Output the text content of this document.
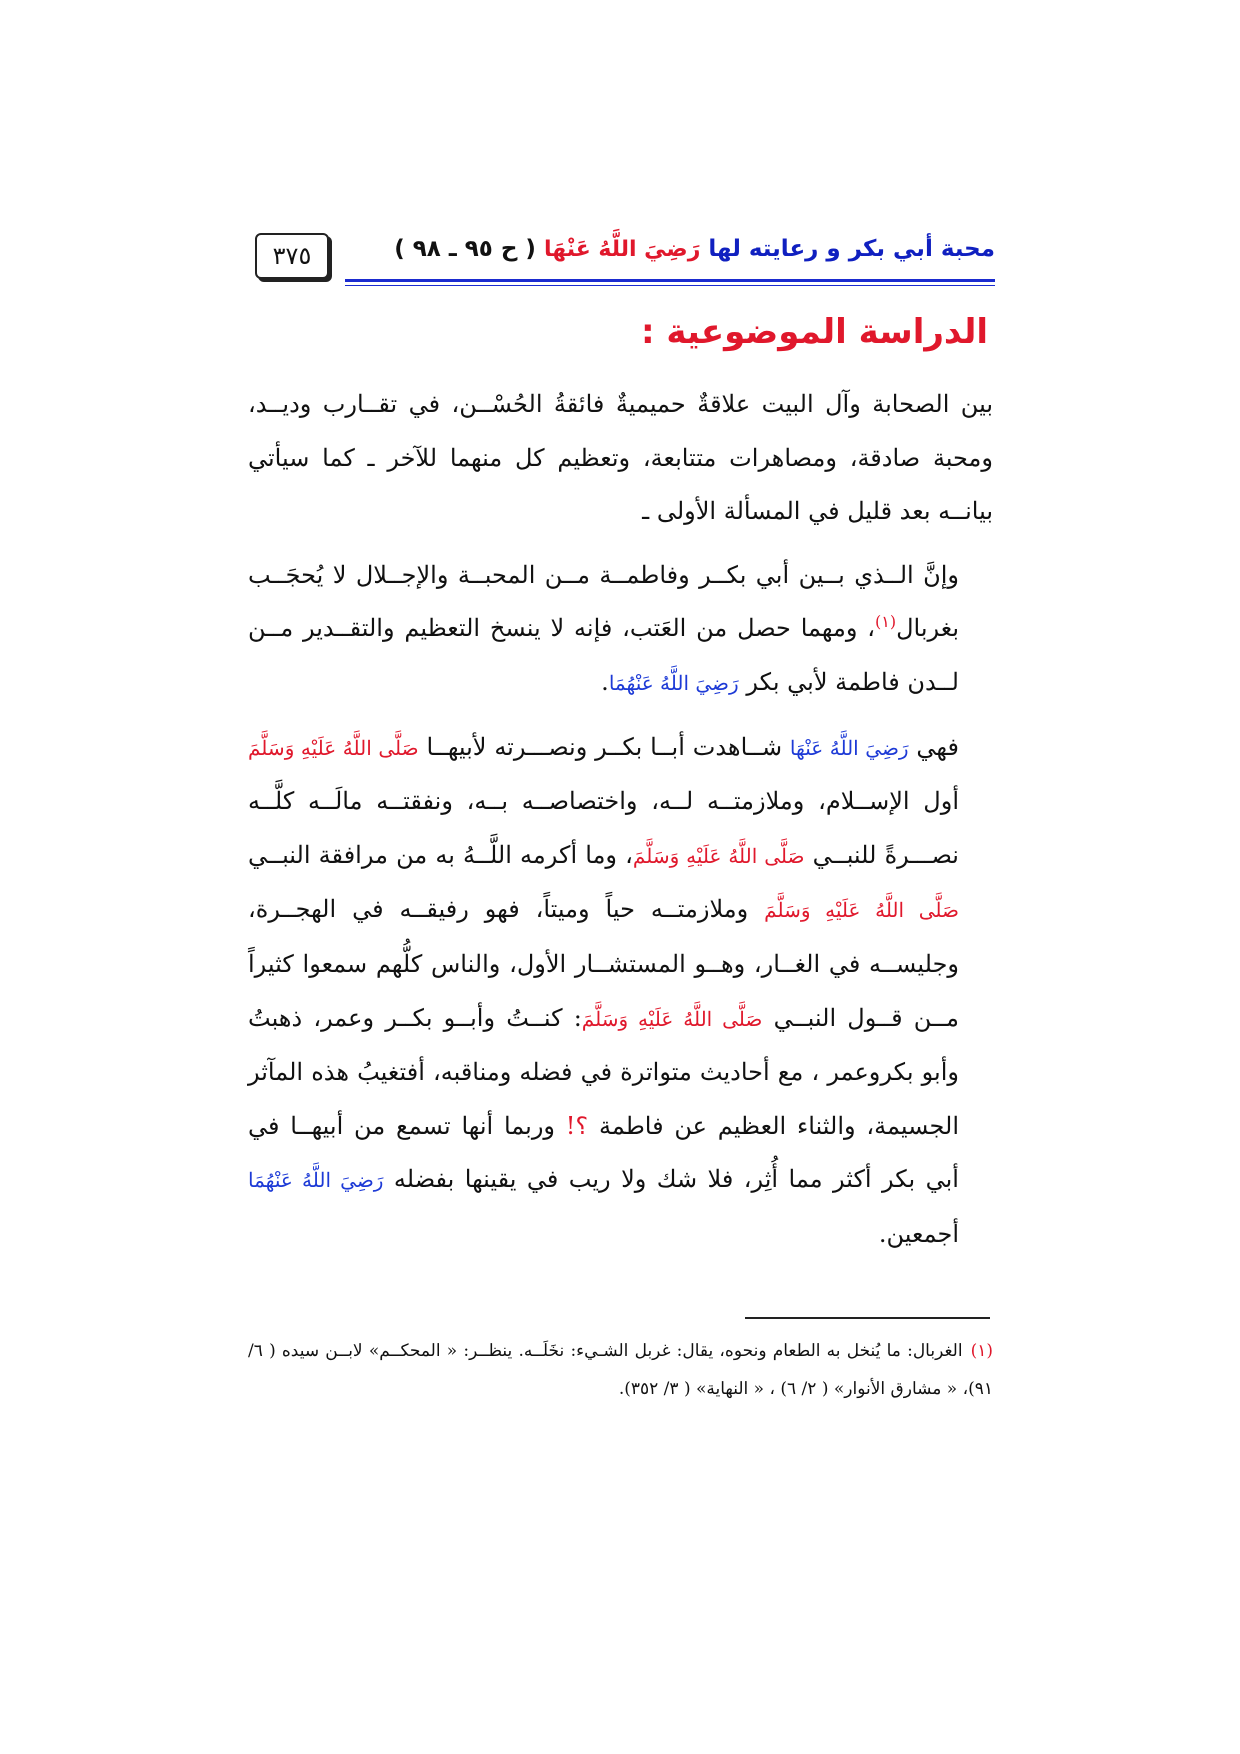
٣٧٥	محبة أبي بكر و رعايته لها رَضِيَ اللَّهُ عَنْهَا ( ح ٩٥ ـ ٩٨ )
الدراسة الموضوعية :

بين الصحابة وآل البيت علاقةٌ حميميةٌ فائقةُ الحُسْــن، في تقــارب وديــد، ومحبة صادقة، ومصاهرات متتابعة، وتعظيم كل منهما للآخر ـ كما سيأتي بيانــه بعد قليل في المسألة الأولى ـ

وإنَّ الــذي بــين أبي بكــر وفاطمــة مــن المحبــة والإجــلال لا يُحجَــب بغربال$^{(١)}$، ومهما حصل من العَتب، فإنه لا ينسخ التعظيم والتقــدير مــن لــدن فاطمة لأبي بكر رَضِيَ اللَّهُ عَنْهُمَا.

فهي رَضِيَ اللَّهُ عَنْهَا شــاهدت أبــا بكــر ونصـــرته لأبيهــا صَلَّى اللَّهُ عَلَيْهِ وَسَلَّمَ أول الإســلام، وملازمتــه لــه، واختصاصــه بــه، ونفقتــه مالَــه كلَّــه نصـــرةً للنبــي صَلَّى اللَّهُ عَلَيْهِ وَسَلَّمَ، وما أكرمه اللَّــهُ به من مرافقة النبــي صَلَّى اللَّهُ عَلَيْهِ وَسَلَّمَ وملازمتــه حياً وميتاً، فهو رفيقــه في الهجــرة، وجليســه في الغــار، وهــو المستشــار الأول، والناس كلُّهم سمعوا كثيراً مــن قــول النبــي صَلَّى اللَّهُ عَلَيْهِ وَسَلَّمَ: كنــتُ وأبــو بكــر وعمر، ذهبتُ وأبو بكروعمر ، مع أحاديث متواترة في فضله ومناقبه، أفتغيبُ هذه المآثر الجسيمة، والثناء العظيم عن فاطمة ؟! وربما أنها تسمع من أبيهــا في أبي بكر أكثر مما أُثِر، فلا شك ولا ريب في يقينها بفضله رَضِيَ اللَّهُ عَنْهُمَا أجمعين.

(١)الغربال: ما يُنخل به الطعام ونحوه، يقال: غربل الشـيء: نخَلَــه. ينظــر: « المحكــم» لابــن سيده ( ٦/ ٩١)، « مشارق الأنوار» ( ٢/ ٦) ، « النهاية» ( ٣/ ٣٥٢).
